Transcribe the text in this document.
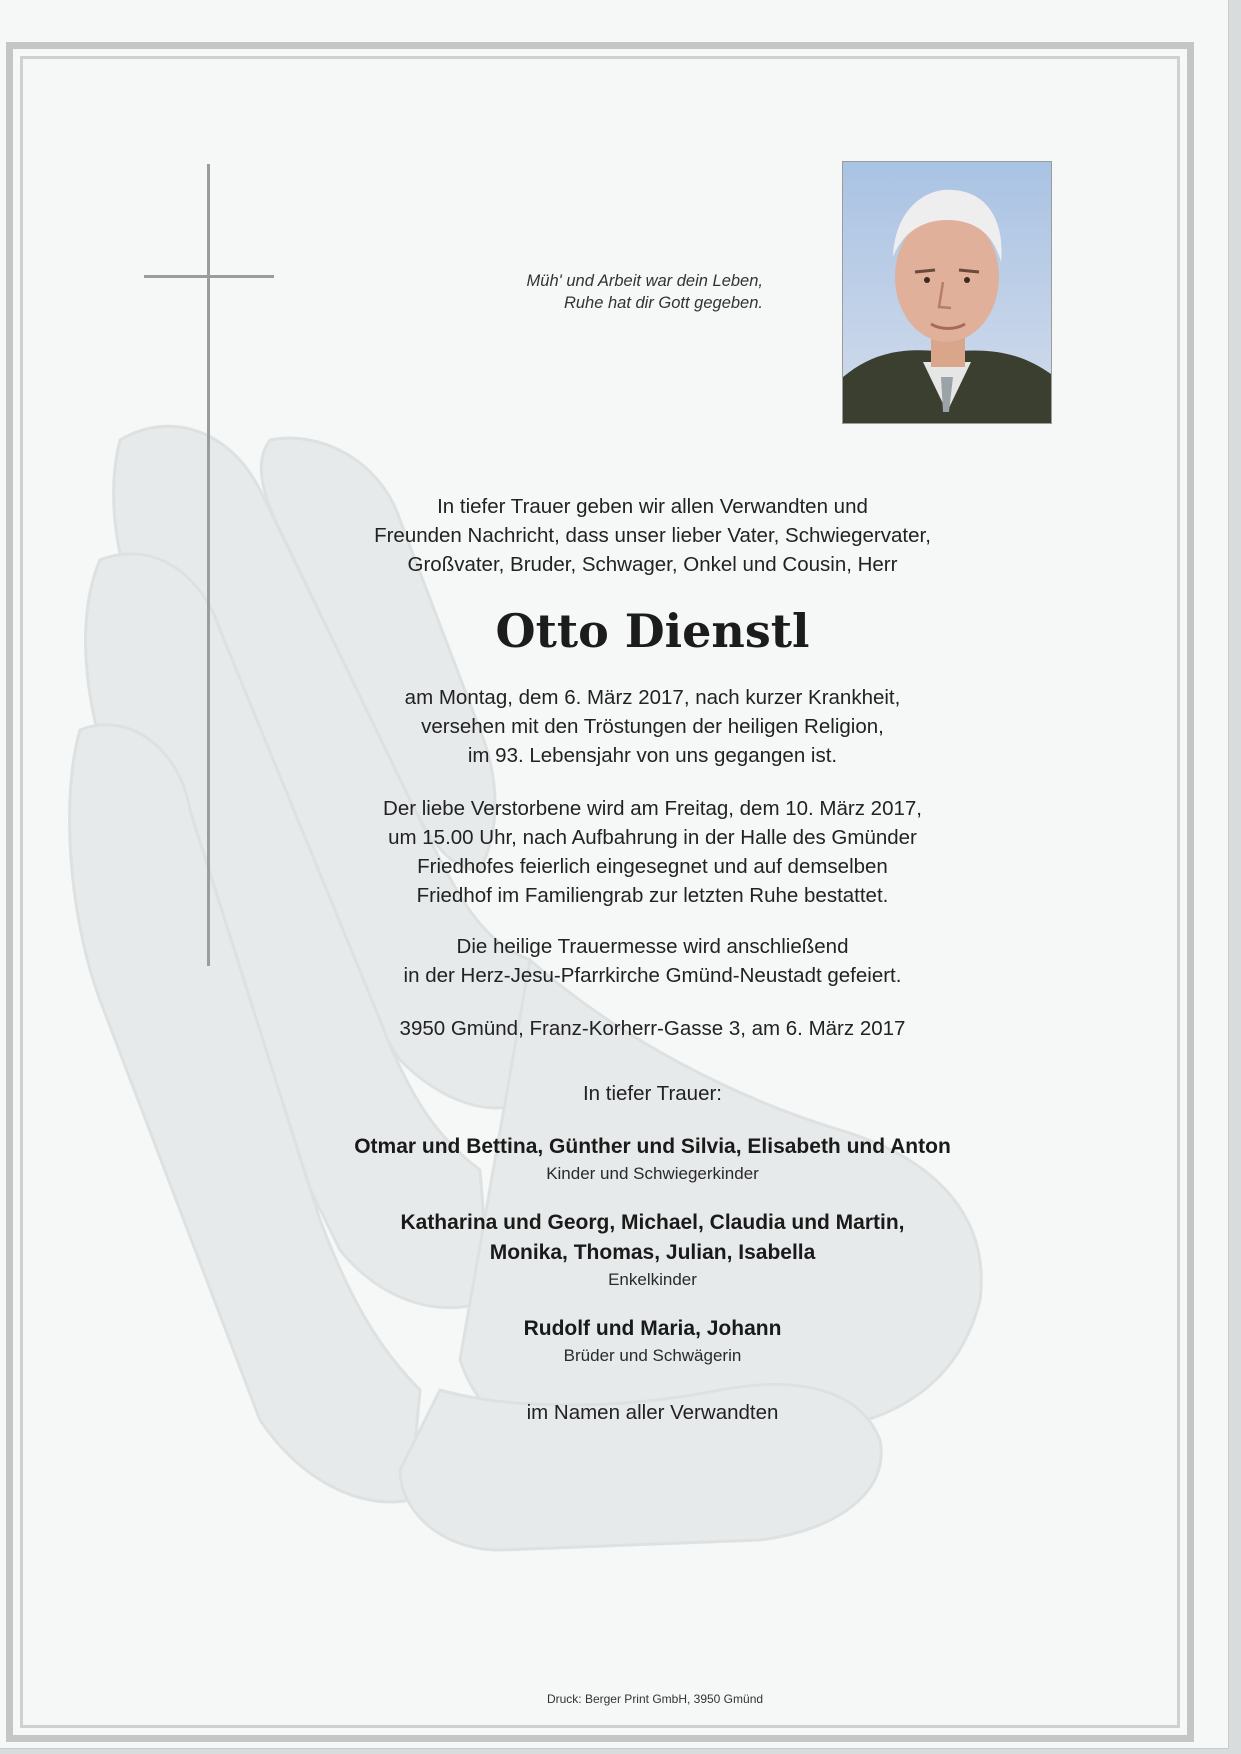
Müh' und Arbeit war dein Leben,
Ruhe hat dir Gott gegeben.

In tiefer Trauer geben wir allen Verwandten und

Freunden Nachricht, dass unser lieber Vater, Schwiegervater,

Großvater, Bruder, Schwager, Onkel und Cousin, Herr

Otto Dienstl

am Montag, dem 6. März 2017, nach kurzer Krankheit,

versehen mit den Tröstungen der heiligen Religion,

im 93. Lebensjahr von uns gegangen ist.

Der liebe Verstorbene wird am Freitag, dem 10. März 2017,

um 15.00 Uhr, nach Aufbahrung in der Halle des Gmünder

Friedhofes feierlich eingesegnet und auf demselben

Friedhof im Familiengrab zur letzten Ruhe bestattet.

Die heilige Trauermesse wird anschließend

in der Herz-Jesu-Pfarrkirche Gmünd-Neustadt gefeiert.

3950 Gmünd, Franz-Korherr-Gasse 3, am 6. März 2017

In tiefer Trauer:

Otmar und Bettina, Günther und Silvia, Elisabeth und Anton

Kinder und Schwiegerkinder

Katharina und Georg, Michael, Claudia und Martin,

Monika, Thomas, Julian, Isabella

Enkelkinder

Rudolf und Maria, Johann

Brüder und Schwägerin

im Namen aller Verwandten

Druck: Berger Print GmbH, 3950 Gmünd
